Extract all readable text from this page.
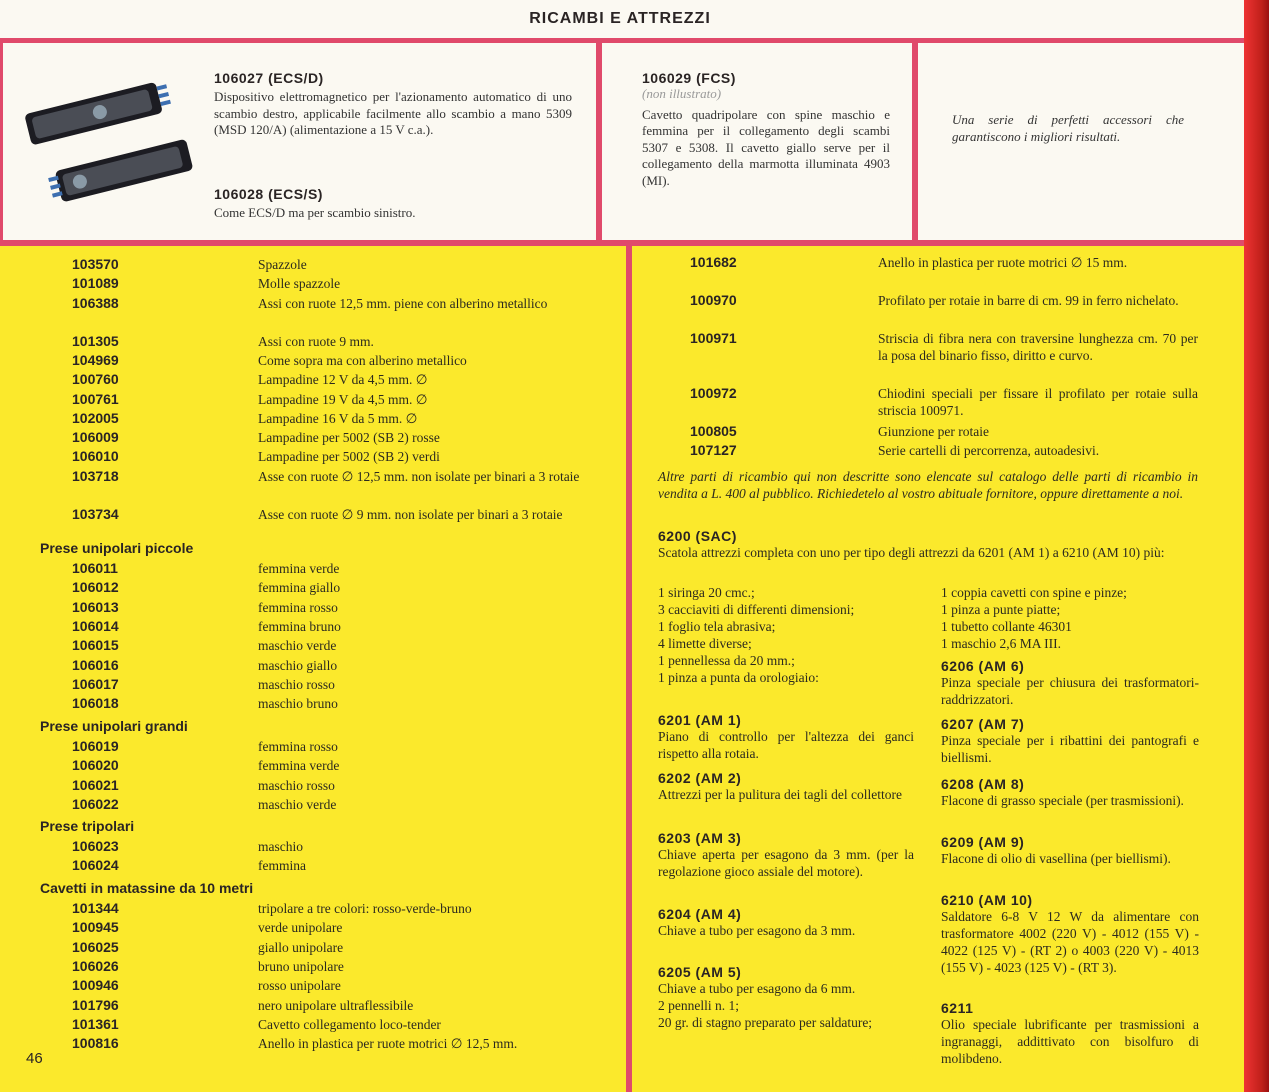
RICAMBI E ATTREZZI
106027 (ECS/D)
Dispositivo elettromagnetico per l'azionamento automatico di uno scambio destro, applicabile facilmente allo scambio a mano 5309 (MSD 120/A) (alimentazione a 15 V c.a.).
106028 (ECS/S)
Come ECS/D ma per scambio sinistro.
106029 (FCS)
(non illustrato)
Cavetto quadripolare con spine maschio e femmina per il collegamento degli scambi 5307 e 5308. Il cavetto giallo serve per il collegamento della marmotta illuminata 4903 (MI).
Una serie di perfetti accessori che garantiscono i migliori risultati.
103570	Spazzole
101089	Molle spazzole
106388	Assi con ruote 12,5 mm. piene con alberino metallico
101305	Assi con ruote 9 mm.
104969	Come sopra ma con alberino metallico
100760	Lampadine 12 V da 4,5 mm. ∅
100761	Lampadine 19 V da 4,5 mm. ∅
102005	Lampadine 16 V da 5 mm. ∅
106009	Lampadine per 5002 (SB 2) rosse
106010	Lampadine per 5002 (SB 2) verdi
103718	Asse con ruote ∅ 12,5 mm. non isolate per binari a 3 rotaie
103734	Asse con ruote ∅ 9 mm. non isolate per binari a 3 rotaie
Prese unipolari piccole
106011	femmina verde
106012	femmina giallo
106013	femmina rosso
106014	femmina bruno
106015	maschio verde
106016	maschio giallo
106017	maschio rosso
106018	maschio bruno
Prese unipolari grandi
106019	femmina rosso
106020	femmina verde
106021	maschio rosso
106022	maschio verde
Prese tripolari
106023	maschio
106024	femmina
Cavetti in matassine da 10 metri
101344	tripolare a tre colori: rosso-verde-bruno
100945	verde unipolare
106025	giallo unipolare
106026	bruno unipolare
100946	rosso unipolare
101796	nero unipolare ultraflessibile
101361	Cavetto collegamento loco-tender
100816	Anello in plastica per ruote motrici ∅ 12,5 mm.
46
101682	Anello in plastica per ruote motrici ∅ 15 mm.
100970	Profilato per rotaie in barre di cm. 99 in ferro nichelato.
100971	Striscia di fibra nera con traversine lunghezza cm. 70 per la posa del binario fisso, diritto e curvo.
100972	Chiodini speciali per fissare il profilato per rotaie sulla striscia 100971.
100805	Giunzione per rotaie
107127	Serie cartelli di percorrenza, autoadesivi.
Altre parti di ricambio qui non descritte sono elencate sul catalogo delle parti di ricambio in vendita a L. 400 al pubblico. Richiedetelo al vostro abituale fornitore, oppure direttamente a noi.
6200 (SAC)
Scatola attrezzi completa con uno per tipo degli attrezzi da 6201 (AM 1) a 6210 (AM 10) più:
1 siringa 20 cmc.;
3 cacciaviti di differenti dimensioni;
1 foglio tela abrasiva;
4 limette diverse;
1 pennellessa da 20 mm.;
1 pinza a punta da orologiaio:
1 coppia cavetti con spine e pinze;
1 pinza a punte piatte;
1 tubetto collante 46301
1 maschio 2,6 MA III.
6201 (AM 1)
Piano di controllo per l'altezza dei ganci rispetto alla rotaia.
6202 (AM 2)
Attrezzi per la pulitura dei tagli del collettore
6203 (AM 3)
Chiave aperta per esagono da 3 mm. (per la regolazione gioco assiale del motore).
6204 (AM 4)
Chiave a tubo per esagono da 3 mm.
6205 (AM 5)
Chiave a tubo per esagono da 6 mm.
2 pennelli n. 1;
20 gr. di stagno preparato per saldature;
6206 (AM 6)
Pinza speciale per chiusura dei trasformatori-raddrizzatori.
6207 (AM 7)
Pinza speciale per i ribattini dei pantografi e biellismi.
6208 (AM 8)
Flacone di grasso speciale (per trasmissioni).
6209 (AM 9)
Flacone di olio di vasellina (per biellismi).
6210 (AM 10)
Saldatore 6-8 V 12 W da alimentare con trasformatore 4002 (220 V) - 4012 (155 V) - 4022 (125 V) - (RT 2) o 4003 (220 V) - 4013 (155 V) - 4023 (125 V) - (RT 3).
6211
Olio speciale lubrificante per trasmissioni a ingranaggi, addittivato con bisolfuro di molibdeno.
